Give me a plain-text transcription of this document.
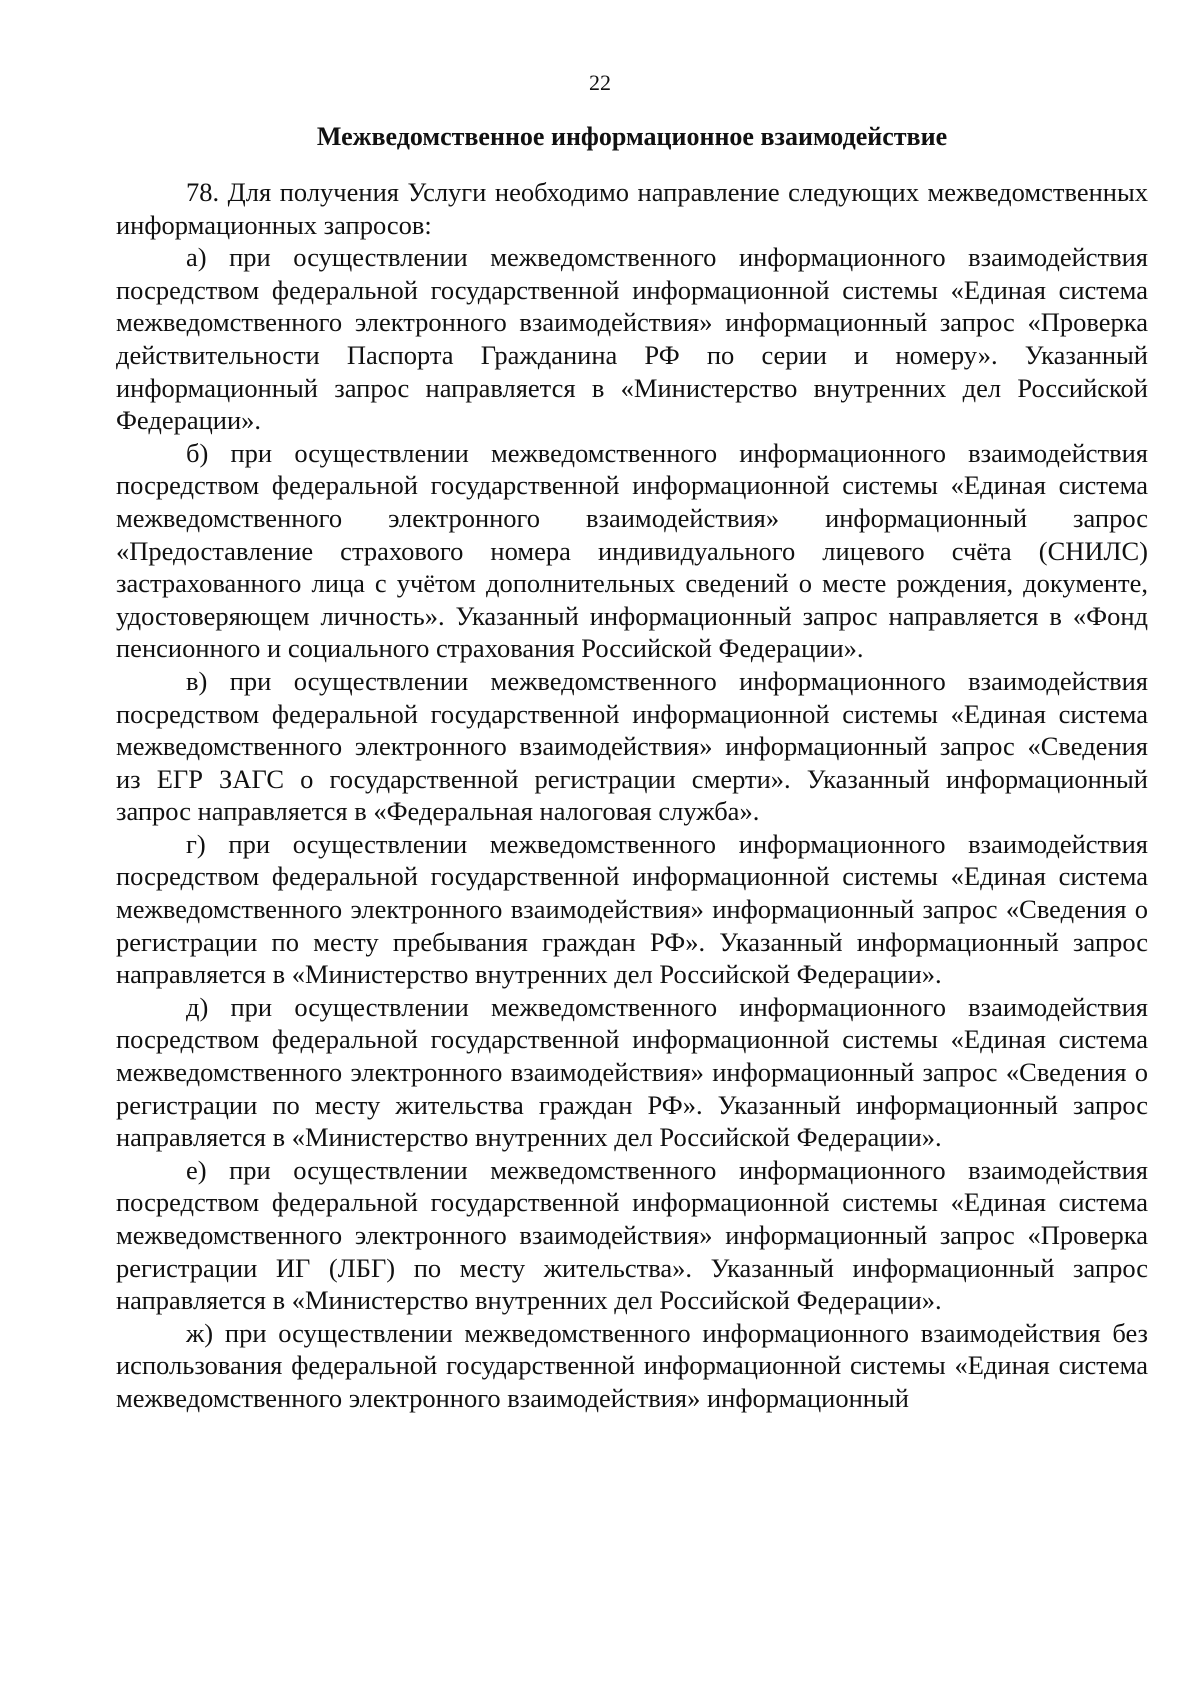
22
Межведомственное информационное взаимодействие

78. Для получения Услуги необходимо направление следующих межведомственных информационных запросов:

а) при осуществлении межведомственного информационного взаимодействия посредством федеральной государственной информационной системы «Единая система межведомственного электронного взаимодействия» информационный запрос «Проверка действительности Паспорта Гражданина РФ по серии и номеру». Указанный информационный запрос направляется в «Министерство внутренних дел Российской Федерации».

б) при осуществлении межведомственного информационного взаимодействия посредством федеральной государственной информационной системы «Единая система межведомственного электронного взаимодействия» информационный запрос «Предоставление страхового номера индивидуального лицевого счёта (СНИЛС) застрахованного лица с учётом дополнительных сведений о месте рождения, документе, удостоверяющем личность». Указанный информационный запрос направляется в «Фонд пенсионного и социального страхования Российской Федерации».

в) при осуществлении межведомственного информационного взаимодействия посредством федеральной государственной информационной системы «Единая система межведомственного электронного взаимодействия» информационный запрос «Сведения из ЕГР ЗАГС о государственной регистрации смерти». Указанный информационный запрос направляется в «Федеральная налоговая служба».

г) при осуществлении межведомственного информационного взаимодействия посредством федеральной государственной информационной системы «Единая система межведомственного электронного взаимодействия» информационный запрос «Сведения о регистрации по месту пребывания граждан РФ». Указанный информационный запрос направляется в «Министерство внутренних дел Российской Федерации».

д) при осуществлении межведомственного информационного взаимодействия посредством федеральной государственной информационной системы «Единая система межведомственного электронного взаимодействия» информационный запрос «Сведения о регистрации по месту жительства граждан РФ». Указанный информационный запрос направляется в «Министерство внутренних дел Российской Федерации».

е) при осуществлении межведомственного информационного взаимодействия посредством федеральной государственной информационной системы «Единая система межведомственного электронного взаимодействия» информационный запрос «Проверка регистрации ИГ (ЛБГ) по месту жительства». Указанный информационный запрос направляется в «Министерство внутренних дел Российской Федерации».

ж) при осуществлении межведомственного информационного взаимодействия без использования федеральной государственной информационной системы «Единая система межведомственного электронного взаимодействия» информационный
